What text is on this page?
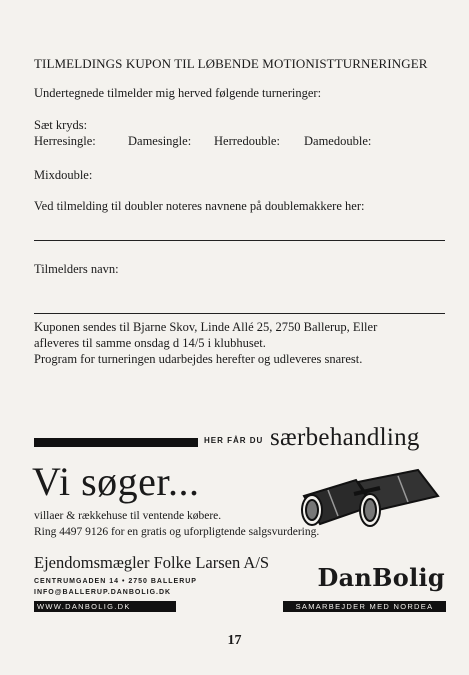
TILMELDINGS KUPON TIL LØBENDE MOTIONISTTURNERINGER
Undertegnede tilmelder mig herved følgende turneringer:
Sæt kryds:
Herresingle:	Damesingle: Herredouble: Damedouble:
Mixdouble:
Ved tilmelding til doubler noteres navnene på doublemakkere her:
Tilmelders navn:
Kuponen sendes til Bjarne Skov, Linde Allé 25, 2750 Ballerup, Eller
afleveres til samme onsdag d 14/5 i klubhuset.
Program for turneringen udarbejdes herefter og udleveres snarest.
HER FÅR DU særbehandling
Vi søger...
villaer & rækkehuse til ventende købere.
Ring 4497 9126 for en gratis og uforpligtende salgsvurdering.
Ejendomsmægler Folke Larsen A/S
CENTRUMGADEN 14 • 2750 BALLERUP
INFO@BALLERUP.DANBOLIG.DK
DanBolig
WWW.DANBOLIG.DK	SAMARBEJDER MED NORDEA
17
